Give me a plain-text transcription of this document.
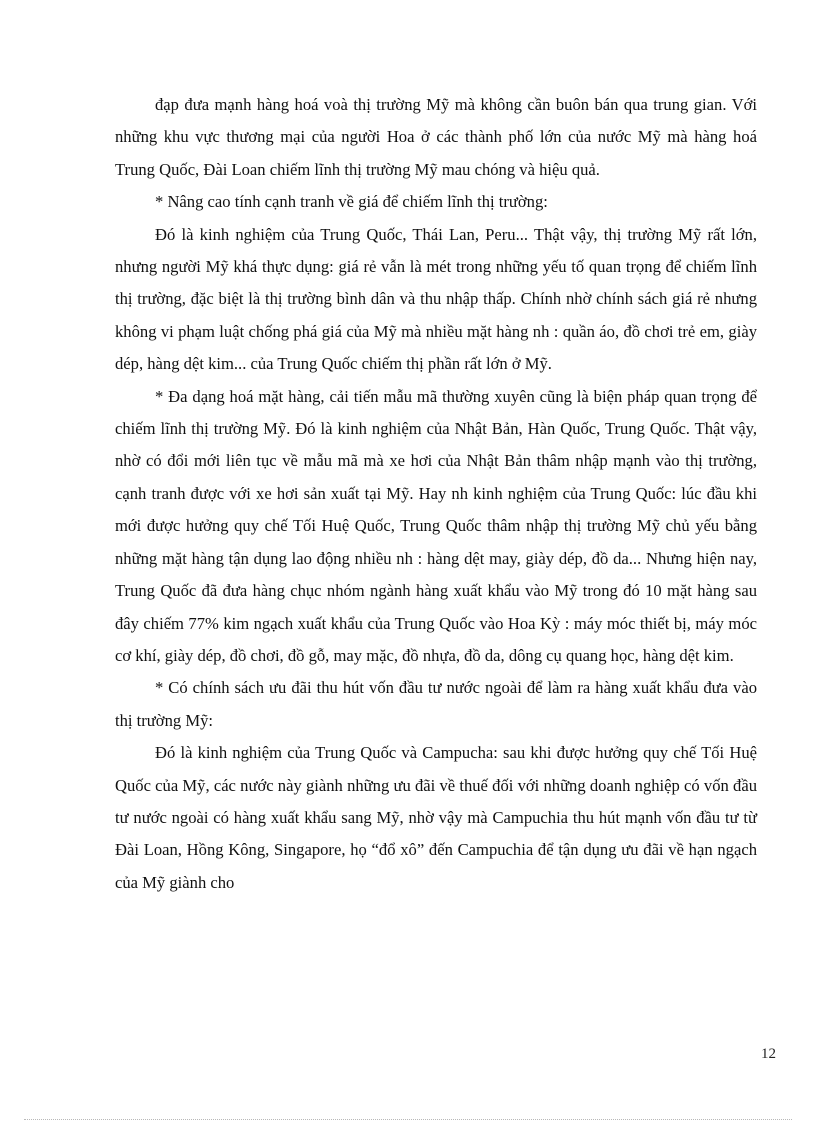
đạp đưa mạnh hàng hoá voà thị trường Mỹ mà không cần buôn bán qua trung gian. Với những khu vực thương mại của người Hoa ở các thành phố lớn của nước Mỹ mà hàng hoá Trung Quốc, Đài Loan chiếm lĩnh thị trường Mỹ mau chóng và hiệu quả.

* Nâng cao tính cạnh tranh về giá để chiếm lĩnh thị trường:

Đó là kinh nghiệm của Trung Quốc, Thái Lan, Peru... Thật vậy, thị trường Mỹ rất lớn, nhưng người Mỹ khá thực dụng: giá rẻ vẫn là mét trong những yếu tố quan trọng để chiếm lĩnh thị trường, đặc biệt là thị trường bình dân và thu nhập thấp. Chính nhờ chính sách giá rẻ nhưng không vi phạm luật chống phá giá của Mỹ mà nhiều mặt hàng nh : quần áo, đồ chơi trẻ em, giày dép, hàng dệt kim... của Trung Quốc chiếm thị phần rất lớn ở Mỹ.

* Đa dạng hoá mặt hàng, cải tiến mẫu mã thường xuyên cũng là biện pháp quan trọng để chiếm lĩnh thị trường Mỹ. Đó là kinh nghiệm của Nhật Bản, Hàn Quốc, Trung Quốc. Thật vậy, nhờ có đổi mới liên tục về mẫu mã mà xe hơi của Nhật Bản thâm nhập mạnh vào thị trường, cạnh tranh được với xe hơi sản xuất tại Mỹ. Hay nh kinh nghiệm của Trung Quốc: lúc đầu khi mới được hưởng quy chế Tối Huệ Quốc, Trung Quốc thâm nhập thị trường Mỹ chủ yếu bằng những mặt hàng tận dụng lao động nhiều nh : hàng dệt may, giày dép, đồ da... Nhưng hiện nay, Trung Quốc đã đưa hàng chục nhóm ngành hàng xuất khẩu vào Mỹ trong đó 10 mặt hàng sau đây chiếm 77% kim ngạch xuất khẩu của Trung Quốc vào Hoa Kỳ : máy móc thiết bị, máy móc cơ khí, giày dép, đồ chơi, đồ gỗ, may mặc, đồ nhựa, đồ da, dông cụ quang học, hàng dệt kim.

* Có chính sách ưu đãi thu hút vốn đầu tư nước ngoài để làm ra hàng xuất khẩu đưa vào thị trường Mỹ:

Đó là kinh nghiệm của Trung Quốc và Campucha: sau khi được hưởng quy chế Tối Huệ Quốc của Mỹ, các nước này giành những ưu đãi về thuế đối với những doanh nghiệp có vốn đầu tư nước ngoài có hàng xuất khẩu sang Mỹ, nhờ vậy mà Campuchia thu hút mạnh vốn đầu tư từ Đài Loan, Hồng Kông, Singapore, họ “đổ xô” đến Campuchia để tận dụng ưu đãi về hạn ngạch của Mỹ giành cho

12
